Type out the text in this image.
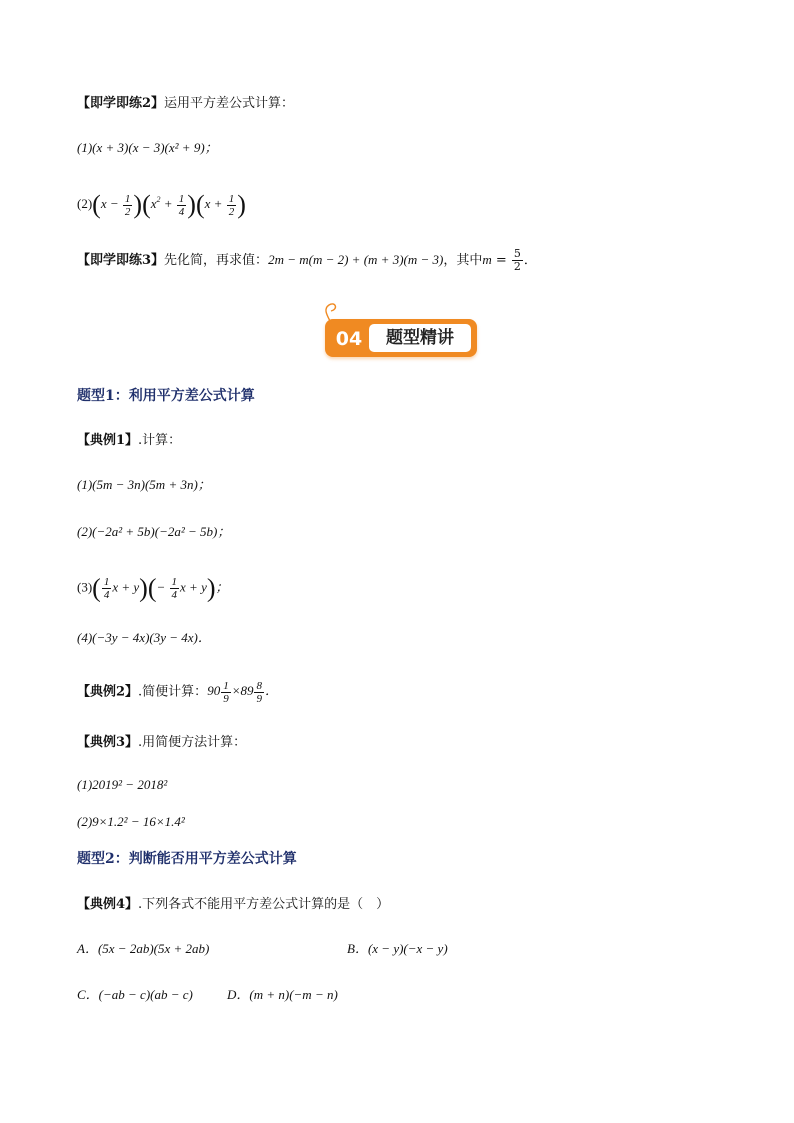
【即学即练2】运用平方差公式计算：
(1)(x + 3)(x − 3)(x² + 9)；
$(2)(x - \frac{1}{2} )(x^2 + \frac{1}{4} )(x + \frac{1}{2}$ )
【即学即练3】先化简，再求值：2m − m(m − 2) + (m + 3)(m − 3)，其中$m = \frac{5}{2}$ ．
04	题型精讲
题型1：利用平方差公式计算
【典例1】.计算：
(1)(5m − 3n)(5m + 3n)；
(2)(−2a² + 5b)(−2a² − 5b)；
$(3)( \frac{1}{4}$ $x + y)(- \frac{1}{4}$ x + y)；
(4)(−3y − 4x)(3y − 4x)．
【典例2】.简便计算：$90 \frac{1}{9} \times 89 \frac{8}{9}$ ．
【典例3】.用简便方法计算：
(1)2019² − 2018²
(2)9×1.2² − 16×1.4²
题型2：判断能否用平方差公式计算
【典例4】.下列各式不能用平方差公式计算的是（　）
A．(5x − 2ab)(5x + 2ab)	B．(x − y)(−x − y)
C．(−ab − c)(ab − c)	D．(m + n)(−m − n)
